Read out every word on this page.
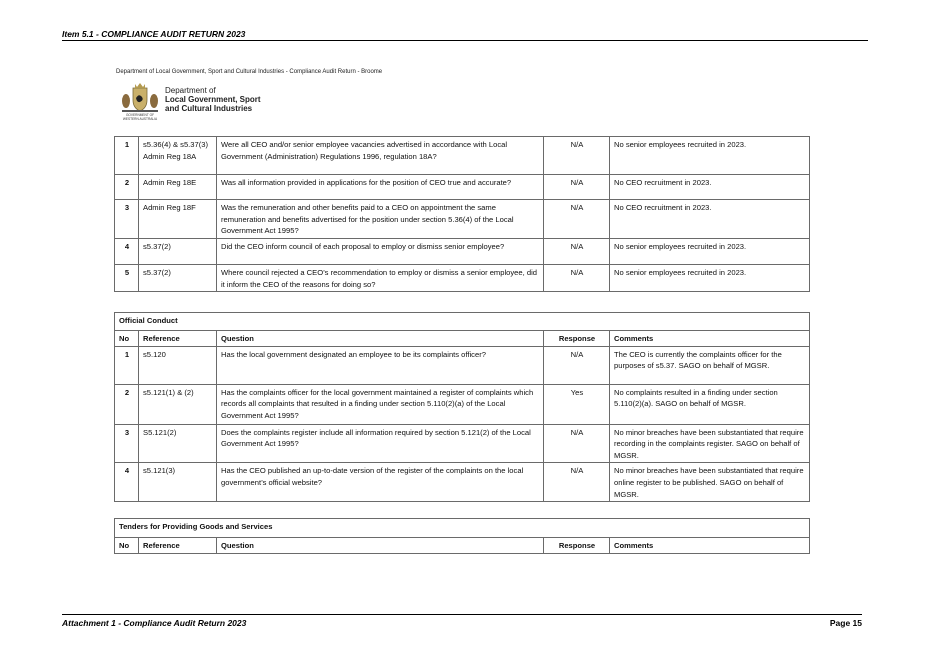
Item 5.1 - COMPLIANCE AUDIT RETURN 2023
Department of Local Government, Sport and Cultural Industries - Compliance Audit Return - Broome
Department of
Local Government, Sport
and Cultural Industries
GOVERNMENT OF WESTERN AUSTRALIA
1	s5.36(4) & s5.37(3) Admin Reg 18A	Were all CEO and/or senior employee vacancies advertised in accordance with Local Government (Administration) Regulations 1996, regulation 18A?	N/A	No senior employees recruited in 2023.
2	Admin Reg 18E	Was all information provided in applications for the position of CEO true and accurate?	N/A	No CEO recruitment in 2023.
3	Admin Reg 18F	Was the remuneration and other benefits paid to a CEO on appointment the same remuneration and benefits advertised for the position under section 5.36(4) of the Local Government Act 1995?	N/A	No CEO recruitment in 2023.
4	s5.37(2)	Did the CEO inform council of each proposal to employ or dismiss senior employee?	N/A	No senior employees recruited in 2023.
5	s5.37(2)	Where council rejected a CEO’s recommendation to employ or dismiss a senior employee, did it inform the CEO of the reasons for doing so?	N/A	No senior employees recruited in 2023.
Official Conduct				
No	Reference	Question	Response	Comments
1	s5.120	Has the local government designated an employee to be its complaints officer?	N/A	The CEO is currently the complaints officer for the purposes of s5.37. SAGO on behalf of MGSR.
2	s5.121(1) & (2)	Has the complaints officer for the local government maintained a register of complaints which records all complaints that resulted in a finding under section 5.110(2)(a) of the Local Government Act 1995?	Yes	No complaints resulted in a finding under section 5.110(2)(a). SAGO on behalf of MGSR.
3	S5.121(2)	Does the complaints register include all information required by section 5.121(2) of the Local Government Act 1995?	N/A	No minor breaches have been substantiated that require recording in the complaints register. SAGO on behalf of MGSR.
4	s5.121(3)	Has the CEO published an up-to-date version of the register of the complaints on the local government’s official website?	N/A	No minor breaches have been substantiated that require online register to be published. SAGO on behalf of MGSR.
Tenders for Providing Goods and Services
No	Reference	Question	Response	Comments
Attachment 1 - Compliance Audit Return 2023	Page 15
